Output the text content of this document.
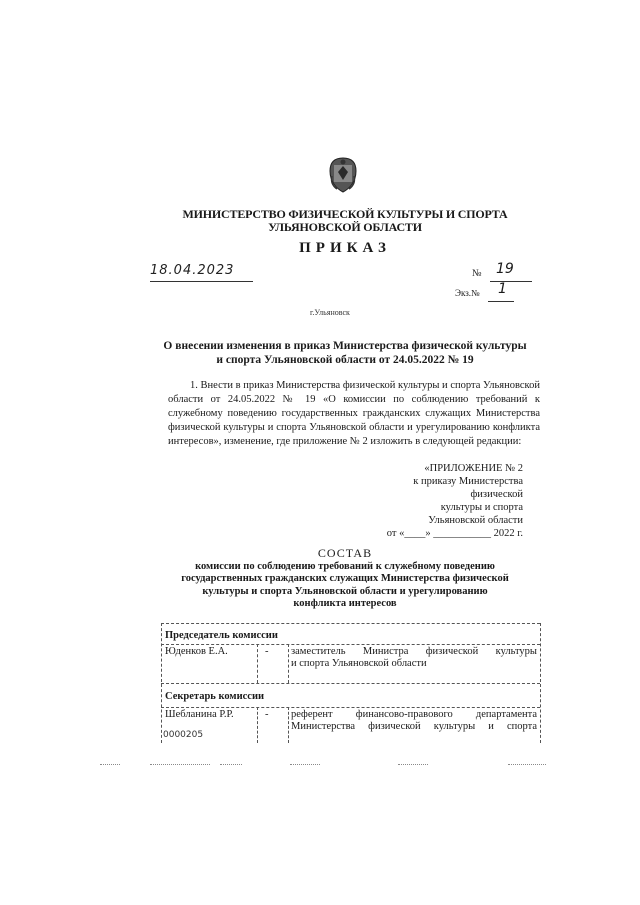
МИНИСТЕРСТВО ФИЗИЧЕСКОЙ КУЛЬТУРЫ И СПОРТА
УЛЬЯНОВСКОЙ ОБЛАСТИ
ПРИКАЗ
18.04.2023	№ 19
Экз.№ 1
г.Ульяновск
О внесении изменения в приказ Министерства физической культуры
и спорта Ульяновской области от 24.05.2022 № 19

1. Внести в приказ Министерства физической культуры и спорта Ульяновской области от 24.05.2022 № 19 «О комиссии по соблюдению требований к служебному поведению государственных гражданских служащих Министерства физической культуры и спорта Ульяновской области и урегулированию конфликта интересов», изменение, где приложение № 2 изложить в следующей редакции:

«ПРИЛОЖЕНИЕ № 2
к приказу Министерства
физической
культуры и спорта
Ульяновской области
от «____» ___________ 2022 г.
СОСТАВ
комиссии по соблюдению требований к служебному поведению
государственных гражданских служащих Министерства физической
культуры и спорта Ульяновской области и урегулированию
конфликта интересов
Председатель комиссии
Юденков Е.А.	- заместитель Министра физической культуры
и спорта Ульяновской области
Секретарь комиссии
Шебланина Р.Р.	- референт финансово-правового департамента
Министерства физической культуры и спорта
0000205
